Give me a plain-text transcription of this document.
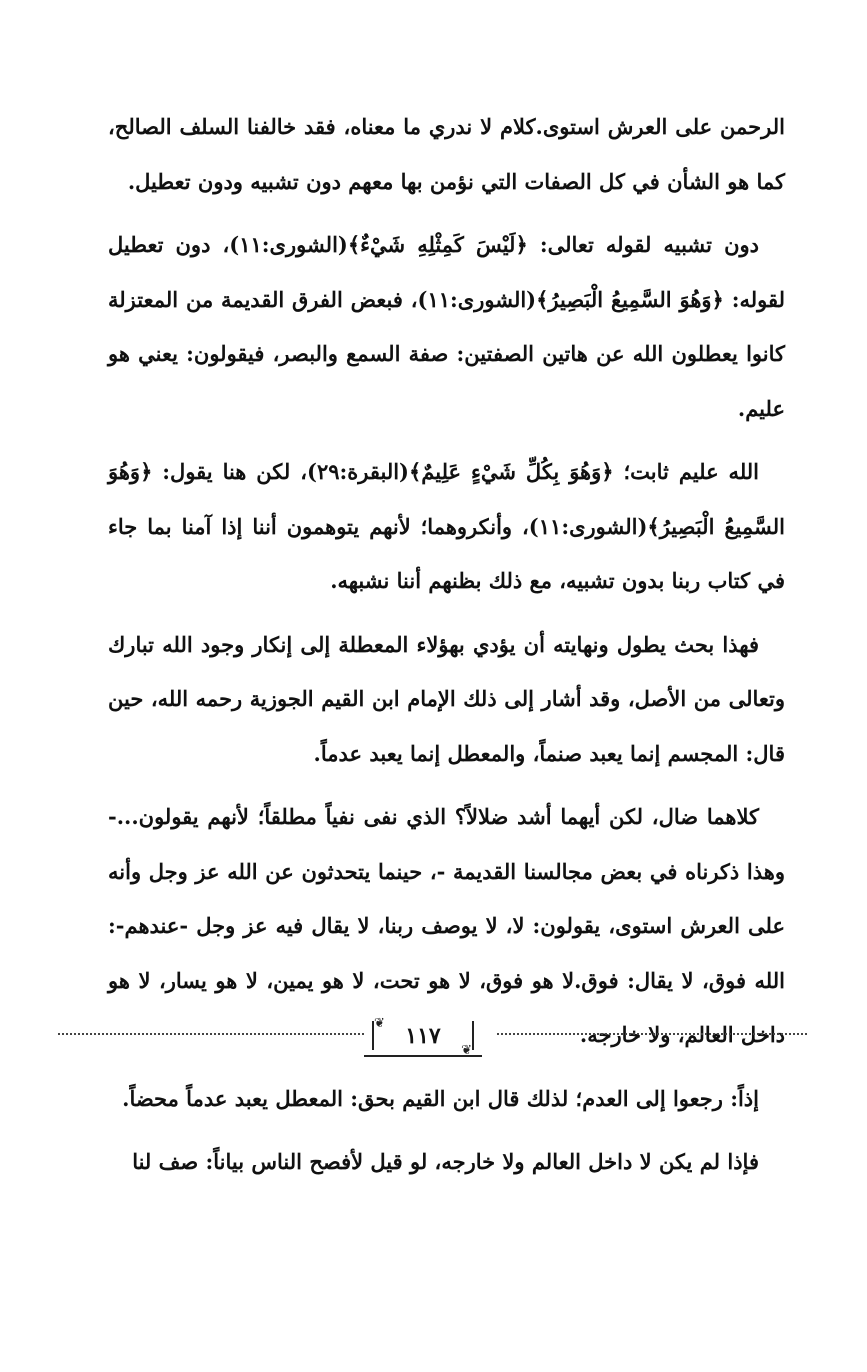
الرحمن على العرش استوى.كلام لا ندري ما معناه، فقد خالفنا السلف الصالح، كما هو الشأن في كل الصفات التي نؤمن بها معهم دون تشبيه ودون تعطيل.

دون تشبيه لقوله تعالى: ﴿لَيْسَ كَمِثْلِهِ شَيْءٌ﴾(الشورى:١١)، دون تعطيل لقوله: ﴿وَهُوَ السَّمِيعُ الْبَصِيرُ﴾(الشورى:١١)، فبعض الفرق القديمة من المعتزلة كانوا يعطلون الله عن هاتين الصفتين: صفة السمع والبصر، فيقولون: يعني هو عليم.

الله عليم ثابت؛ ﴿وَهُوَ بِكُلِّ شَيْءٍ عَلِيمٌ﴾(البقرة:٢٩)، لكن هنا يقول: ﴿وَهُوَ السَّمِيعُ الْبَصِيرُ﴾(الشورى:١١)، وأنكروهما؛ لأنهم يتوهمون أننا إذا آمنا بما جاء في كتاب ربنا بدون تشبيه، مع ذلك بظنهم أننا نشبهه.

فهذا بحث يطول ونهايته أن يؤدي بهؤلاء المعطلة إلى إنكار وجود الله تبارك وتعالى من الأصل، وقد أشار إلى ذلك الإمام ابن القيم الجوزية رحمه الله، حين قال: المجسم إنما يعبد صنماً، والمعطل إنما يعبد عدماً.

كلاهما ضال، لكن أيهما أشد ضلالاً؟ الذي نفى نفياً مطلقاً؛ لأنهم يقولون...- وهذا ذكرناه في بعض مجالسنا القديمة -، حينما يتحدثون عن الله عز وجل وأنه على العرش استوى، يقولون: لا، لا يوصف ربنا، لا يقال فيه عز وجل -عندهم-: الله فوق، لا يقال: فوق.لا هو فوق، لا هو تحت، لا هو يمين، لا هو يسار، لا هو داخل العالم، ولا خارجه.

إذاً: رجعوا إلى العدم؛ لذلك قال ابن القيم بحق: المعطل يعبد عدماً محضاً.

فإذا لم يكن لا داخل العالم ولا خارجه، لو قيل لأفصح الناس بياناً: صف لنا

❦
❦
١١٧
